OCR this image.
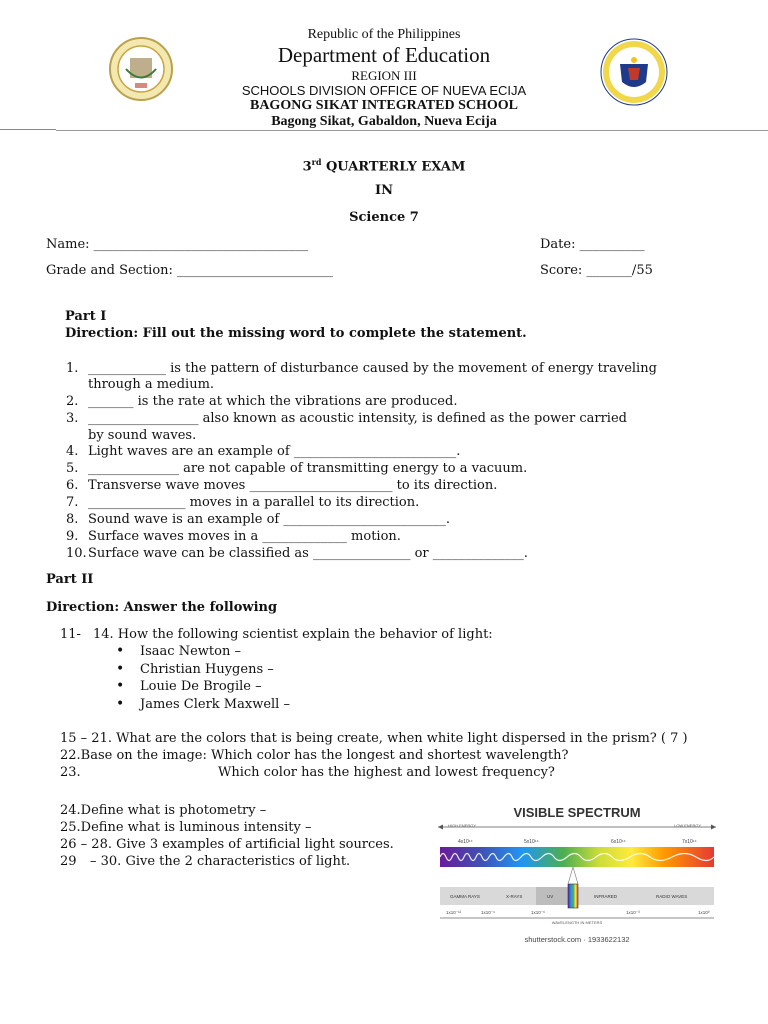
Republic of the Philippines
Department of Education
REGION III
SCHOOLS DIVISION OFFICE OF NUEVA ECIJA
BAGONG SIKAT INTEGRATED SCHOOL
Bagong Sikat, Gabaldon, Nueva Ecija
3rd QUARTERLY EXAM
IN
Science 7
Name: _________________________________	Date: __________
Grade and Section: ________________________	Score: _______/55
Part I
Direction: Fill out the missing word to complete the statement.
1. ____________ is the pattern of disturbance caused by the movement of energy traveling
through a medium.
2. _______ is the rate at which the vibrations are produced.
3. _________________ also known as acoustic intensity, is defined as the power carried
by sound waves.
4. Light waves are an example of _________________________.
5. ______________ are not capable of transmitting energy to a vacuum.
6. Transverse wave moves ______________________ to its direction.
7. _______________ moves in a parallel to its direction.
8. Sound wave is an example of _________________________.
9. Surface waves moves in a _____________ motion.
10. Surface wave can be classified as _______________ or ______________.
Part II
Direction: Answer the following
11- 14. How the following scientist explain the behavior of light:
• Isaac Newton –
• Christian Huygens –
• Louie De Brogile –
• James Clerk Maxwell –
15 – 21. What are the colors that is being create, when white light dispersed in the prism? ( 7 )
22.Base on the image: Which color has the longest and shortest wavelength?
23.	Which color has the highest and lowest frequency?
24.Define what is photometry –
25.Define what is luminous intensity –
26 – 28. Give 3 examples of artificial light sources.
29 – 30. Give the 2 characteristics of light.
VISIBLE SPECTRUM
HIGH ENERGY	LOW ENERGY
4x10¹⁴	5x10¹⁴	6x10¹⁴	7x10¹⁴
GAMMA RAYS	X-RAYS	UV	INFRARED	RADIO WAVES
1x10⁻¹²	1x10⁻⁹	1x10⁻⁶	1x10⁻³	1x10⁰
WAVELENGTH IN METERS
shutterstock.com · 1933622132
